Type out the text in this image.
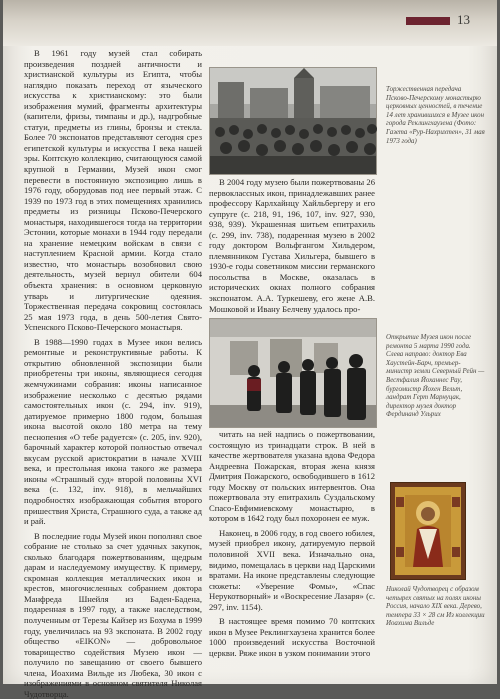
13

В 1961 году музей стал собирать произведения поздней античности и христианской культуры из Египта, чтобы наглядно показать переход от языческого искусства к христианскому: это были изображения мумий, фрагменты архитектуры (капители, фризы, тимпаны и др.), надгробные статуи, предметы из глины, бронзы и стекла. Более 70 экспонатов представляют сегодня срез египетской культуры и искусства I века нашей эры. Коптскую коллекцию, считающуюся самой крупной в Германии, Музей икон смог перевести в постоянную экспозицию лишь в 1976 году, оборудовав под нее первый этаж. С 1939 по 1973 год в этих помещениях хранились предметы из ризницы Псково-Печерского монастыря, находившегося тогда на территории Эстонии, которые монахи в 1944 году передали на хранение немецким войскам в связи с наступлением Красной армии. Когда стало известно, что монастырь возобновил свою деятельность, музей вернул обители 604 объекта хранения: в основном церковную утварь и литургические одеяния. Торжественная передача сокровищ состоялась 25 мая 1973 года, в день 500-летия Свято-Успенского Псково-Печерского монастыря.

В 1988—1990 годах в Музее икон велись ремонтные и реконструктивные работы. К открытию обновленной экспозиции были приобретены три иконы, являющиеся сегодня жемчужинами собрания: иконы написанное изображение несколько с десятью рядами самостоятельных икон (с. 294, inv. 919), датируемое примерно 1800 годом, большая икона высотой около 180 метра на тему песнопения «О тебе радуется» (с. 205, inv. 920), барочный характер которой полностью отвечал вкусам русской аристократии в начале XVIII века, и престольная икона такого же размера иконы «Страшный суд» второй половины XVI века (с. 132, inv. 918), в мельчайших подробностях изображающая события второго пришествия Христа, Страшного суда, а также ад и рай.

В последние годы Музей икон пополнял свое собрание не столько за счет удачных закупок, сколько благодаря пожертвованиям, щедрым дарам и наследуемому имуществу. К примеру, скромная коллекция металлических икон и крестов, многочисленных собранием доктора Манфреда Шнейля из Баден-Бадена, подаренная в 1997 году, а также наследством, полученным от Терезы Кайзер из Бохума в 1999 году, увеличилась на 93 экспоната. В 2002 году общество «EIKON» — добровольное товарищество содействия Музею икон — получило по завещанию от своего бывшего члена, Иоахима Вильде из Любека, 30 икон с изображениями в основном святителя Николая Чудотворца.

Торжественная передача Псково-Печерскому монастырю церковных ценностей, в течение 14 лет хранившихся в Музее икон города Реклингхаузена (Фото: Газета «Рур-Нахрихтен», 31 мая 1973 года)

В 2004 году музею были пожертвованы 26 первоклассных икон, принадлежавших ранее профессору Карлхайнцу Хайльбергеру и его супруге (с. 218, 91, 196, 107, inv. 927, 930, 938, 939). Украшенная шитьем епитрахиль (с. 299, inv. 738), подаренная музею в 2002 году доктором Вольфгангом Хильдером, племянником Густава Хильгера, бывшего в 1930-е годы советником миссии германского посольства в Москве, оказалась в исторических окнах полного собрания экспонатом. А.А. Туркешеву, его жене А.В. Мошковой и Ивану Белчеву удалось про-

Открытие Музея икон после ремонта 5 марта 1990 года. Слева направо: доктор Ева Хаустейн-Барч, премьер-министр земли Северный Рейн — Вестфалия Йоханнес Рау, бургомистр Йохен Вельт, ландрат Герт Марнуцак, директор музея доктор Фердинанд Ульрих

читать на ней надпись о пожертвовании, состоящую из тринадцати строк. В ней в качестве жертвователя указана вдова Федора Андреевна Пожарская, вторая жена князя Дмитрия Пожарского, освободившего в 1612 году Москву от польских интервентов. Она пожертвовала эту епитрахиль Суздальскому Спасо-Евфимиевскому монастырю, в котором в 1642 году был похоронен ее муж.

Наконец, в 2006 году, в год своего юбилея, музей приобрел икону, датируемую первой половиной XVII века. Изначально она, видимо, помещалась в церкви над Царскими вратами. На иконе представлены следующие сюжеты: «Уверение Фомы», «Спас Нерукотворный» и «Воскресение Лазаря» (с. 297, inv. 1154).

В настоящее время помимо 70 коптских икон в Музее Реклингхаузена хранится более 1000 произведений искусства Восточной церкви. Ряже икон в узком понимании этого

Николай Чудотворец с образом четырех святых на полях иконы Россия, начало XIX века. Дерево, темпера 33 × 28 см Из коллекции Иоахима Вильде
